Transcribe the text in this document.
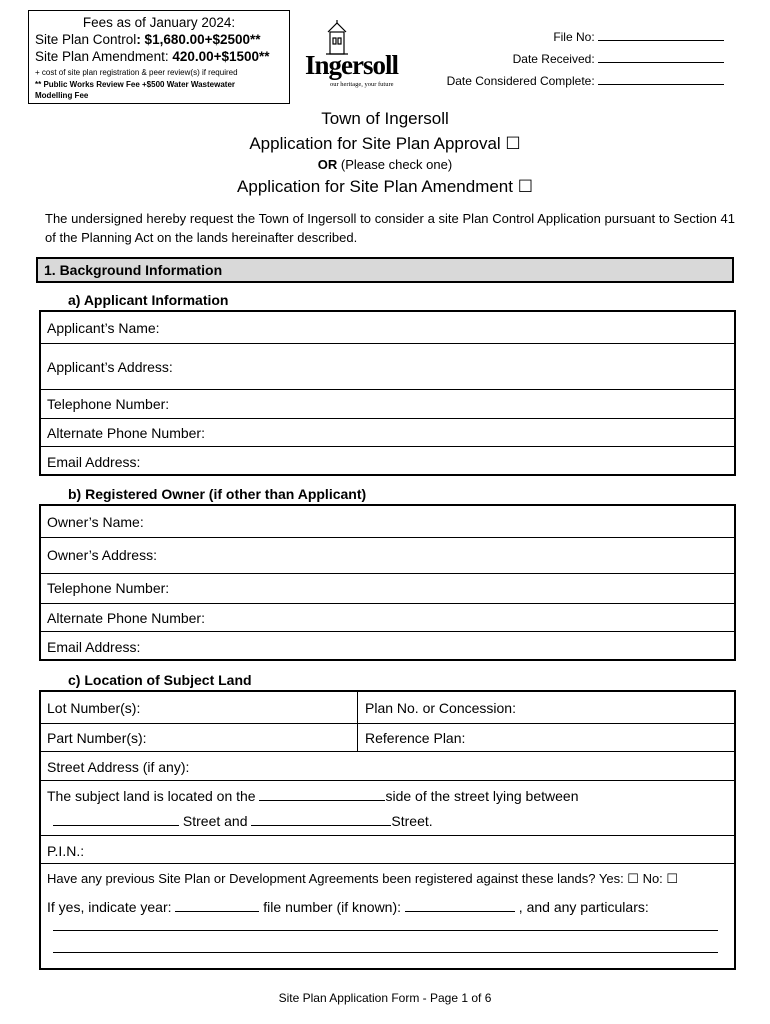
Fees as of January 2024:
Site Plan Control: $1,680.00+$2500**
Site Plan Amendment: 420.00+$1500**
+ cost of site plan registration & peer review(s) if required
** Public Works Review Fee +$500 Water Wastewater
Modelling Fee
Ingersoll
our heritage, your future
File No:
Date Received:
Date Considered Complete:
Town of Ingersoll
Application for Site Plan Approval ☐
OR (Please check one)
Application for Site Plan Amendment ☐
The undersigned hereby request the Town of Ingersoll to consider a site Plan Control Application pursuant to Section 41 of the Planning Act on the lands hereinafter described.
1. Background Information
a) Applicant Information
Applicant’s Name:
Applicant’s Address:
Telephone Number:
Alternate Phone Number:
Email Address:
b) Registered Owner (if other than Applicant)
Owner’s Name:
Owner’s Address:
Telephone Number:
Alternate Phone Number:
Email Address:
c) Location of Subject Land
Lot Number(s):	Plan No. or Concession:
Part Number(s):	Reference Plan:
Street Address (if any):
The subject land is located on the	side of the street lying between
Street and	Street.
P.I.N.:
Have any previous Site Plan or Development Agreements been registered against these lands? Yes: ☐ No: ☐
If yes, indicate year:	file number (if known):	, and any particulars:
Site Plan Application Form - Page 1 of 6
